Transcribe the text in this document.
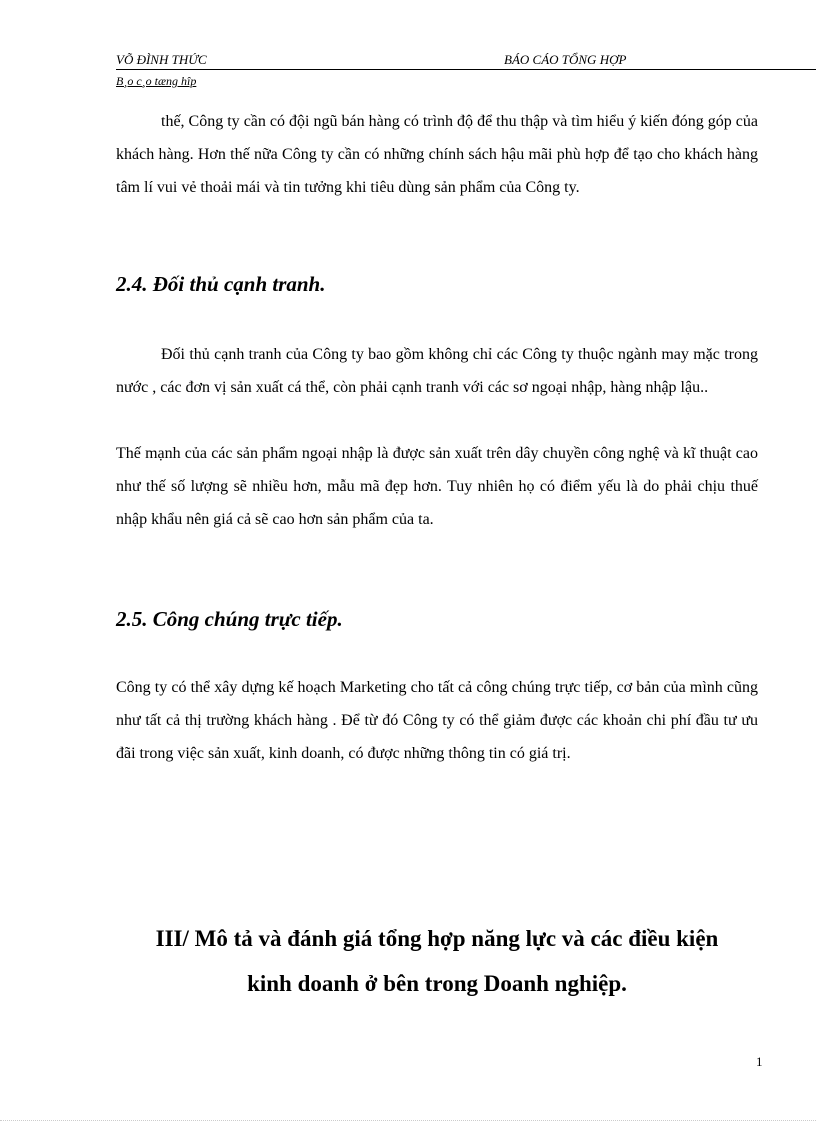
VÕ ĐÌNH THỨC	BÁO CÁO TỔNG HỢP
B¸o c¸o tæng hîp

thế, Công ty cần có đội ngũ bán hàng có trình độ để thu thập và tìm hiểu ý kiến đóng góp của khách hàng. Hơn thế nữa Công ty cần có những chính sách hậu mãi phù hợp để tạo cho khách hàng tâm lí vui vẻ thoải mái và tin tưởng khi tiêu dùng sản phẩm của Công ty.

2.4. Đối thủ cạnh tranh.

Đối thủ cạnh tranh của Công ty bao gồm không chỉ các Công ty thuộc ngành may mặc trong nước , các đơn vị sản xuất cá thể, còn phải cạnh tranh với các sơ ngoại nhập, hàng nhập lậu..

Thế mạnh của các sản phẩm ngoại nhập là được sản xuất trên dây chuyền công nghệ và kĩ thuật cao như thế số lượng sẽ nhiều hơn, mẫu mã đẹp hơn. Tuy nhiên họ có điểm yếu là do phải chịu thuế nhập khẩu nên giá cả sẽ cao hơn sản phẩm của ta.

2.5. Công chúng trực tiếp.

Công ty có thể xây dựng kế hoạch Marketing cho tất cả công chúng trực tiếp, cơ bản của mình cũng như tất cả thị trường khách hàng . Để từ đó Công ty có thể giảm được các khoản chi phí đầu tư ưu đãi trong việc sản xuất, kinh doanh, có được những thông tin có giá trị.

III/ Mô tả và đánh giá tổng hợp năng lực và các điều kiện
kinh doanh ở bên trong Doanh nghiệp.
1
